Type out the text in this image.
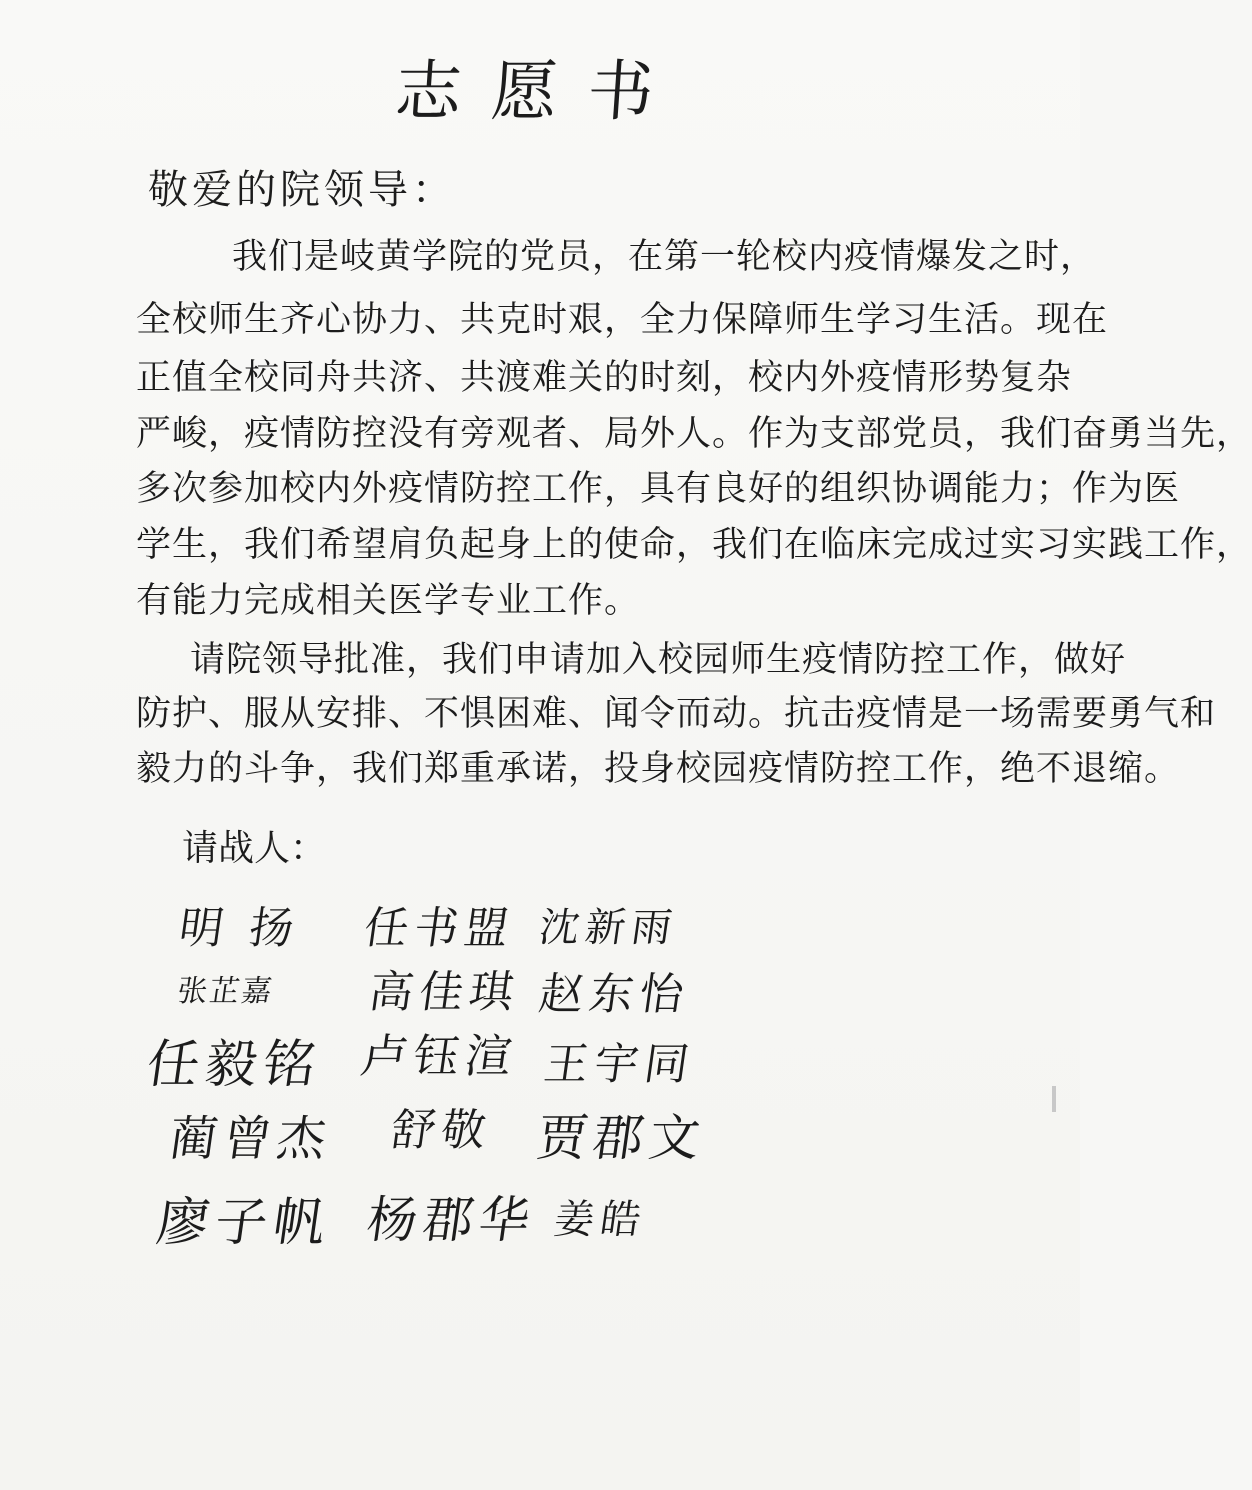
志愿书
敬爱的院领导：
我们是岐黄学院的党员，在第一轮校内疫情爆发之时，
全校师生齐心协力、共克时艰，全力保障师生学习生活。现在
正值全校同舟共济、共渡难关的时刻，校内外疫情形势复杂
严峻，疫情防控没有旁观者、局外人。作为支部党员，我们奋勇当先，
多次参加校内外疫情防控工作，具有良好的组织协调能力；作为医
学生，我们希望肩负起身上的使命，我们在临床完成过实习实践工作，
有能力完成相关医学专业工作。
请院领导批准，我们申请加入校园师生疫情防控工作，做好
防护、服从安排、不惧困难、闻令而动。抗击疫情是一场需要勇气和
毅力的斗争，我们郑重承诺，投身校园疫情防控工作，绝不退缩。
请战人：
明 扬 任书盟 沈新雨
张芷嘉 高佳琪 赵东怡
任毅铭 卢钰渲 王宇同
蔺曾杰 舒敬 贾郡文
廖子帆 杨郡华 姜皓
